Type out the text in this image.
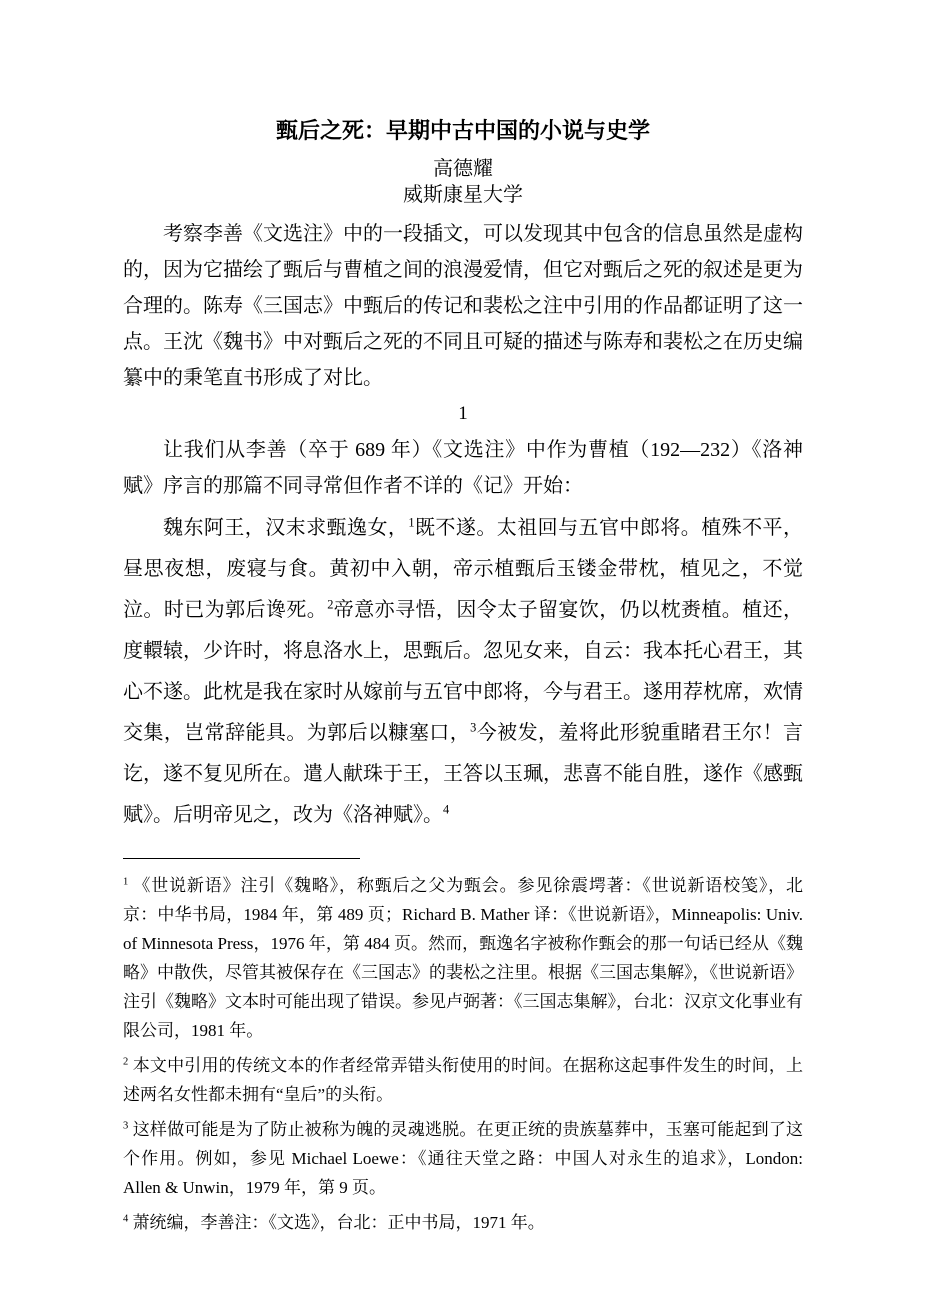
甄后之死：早期中古中国的小说与史学
高德耀
威斯康星大学

考察李善《文选注》中的一段插文，可以发现其中包含的信息虽然是虚构的，因为它描绘了甄后与曹植之间的浪漫爱情，但它对甄后之死的叙述是更为合理的。陈寿《三国志》中甄后的传记和裴松之注中引用的作品都证明了这一点。王沈《魏书》中对甄后之死的不同且可疑的描述与陈寿和裴松之在历史编纂中的秉笔直书形成了对比。

1

让我们从李善（卒于 689 年）《文选注》中作为曹植（192—232）《洛神赋》序言的那篇不同寻常但作者不详的《记》开始：

魏东阿王，汉末求甄逸女，$^1$既不遂。太祖回与五官中郎将。植殊不平，昼思夜想，废寝与食。黄初中入朝，帝示植甄后玉镂金带枕，植见之，不觉泣。时已为郭后谗死。$^2$帝意亦寻悟，因令太子留宴饮，仍以枕赉植。植还，度轘辕，少许时，将息洛水上，思甄后。忽见女来，自云：我本托心君王，其心不遂。此枕是我在家时从嫁前与五官中郎将，今与君王。遂用荐枕席，欢情交集，岂常辞能具。为郭后以糠塞口，$^3$今被发，羞将此形貌重睹君王尔！言讫，遂不复见所在。遣人献珠于王，王答以玉珮，悲喜不能自胜，遂作《感甄赋》。后明帝见之，改为《洛神赋》。$^4$

$^1$ 《世说新语》注引《魏略》，称甄后之父为甄会。参见徐震堮著：《世说新语校笺》，北京：中华书局，1984 年，第 489 页；Richard B. Mather 译：《世说新语》，Minneapolis: Univ. of Minnesota Press，1976 年，第 484 页。然而，甄逸名字被称作甄会的那一句话已经从《魏略》中散佚，尽管其被保存在《三国志》的裴松之注里。根据《三国志集解》，《世说新语》注引《魏略》文本时可能出现了错误。参见卢弼著：《三国志集解》，台北：汉京文化事业有限公司，1981 年。

$^2$ 本文中引用的传统文本的作者经常弄错头衔使用的时间。在据称这起事件发生的时间，上述两名女性都未拥有“皇后”的头衔。

$^3$ 这样做可能是为了防止被称为魄的灵魂逃脱。在更正统的贵族墓葬中，玉塞可能起到了这个作用。例如，参见 Michael Loewe：《通往天堂之路：中国人对永生的追求》，London: Allen & Unwin，1979 年，第 9 页。

$^4$ 萧统编，李善注：《文选》，台北：正中书局，1971 年。
